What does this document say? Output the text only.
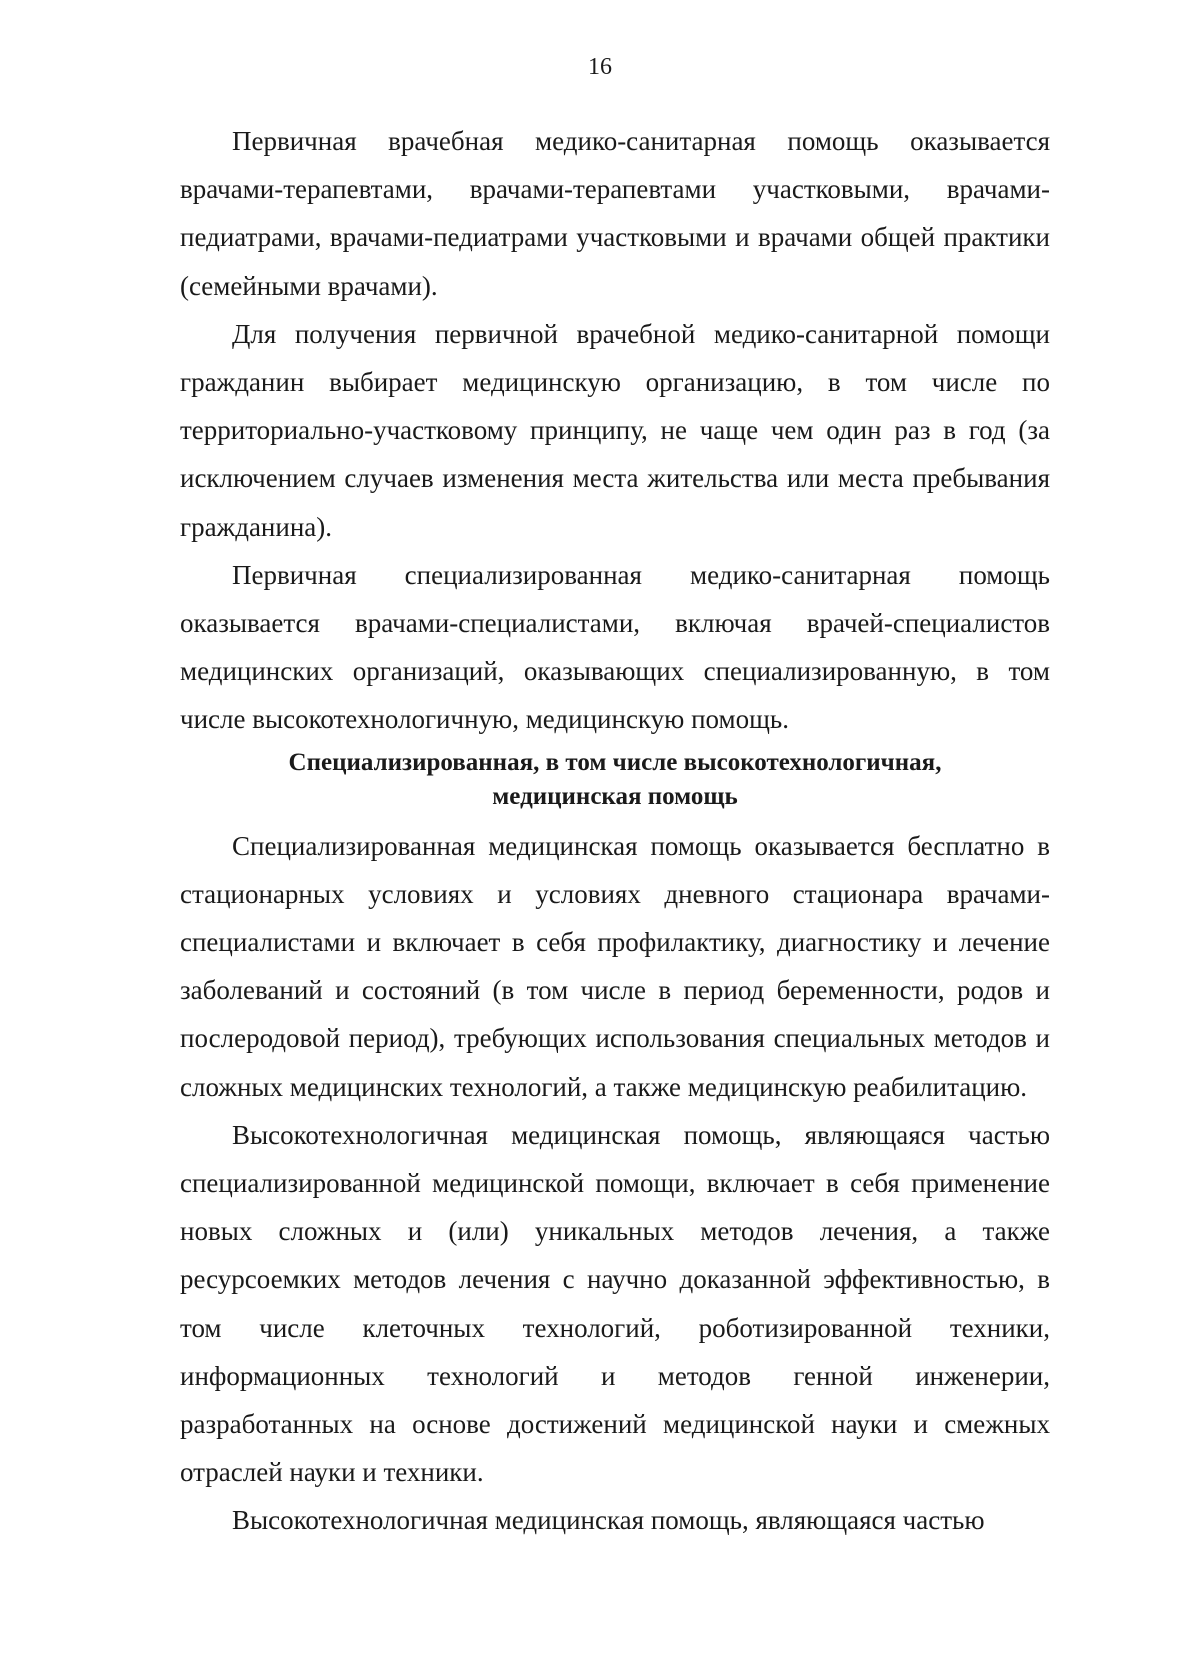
16

Первичная врачебная медико-санитарная помощь оказывается врачами-терапевтами, врачами-терапевтами участковыми, врачами-педиатрами, врачами-педиатрами участковыми и врачами общей практики (семейными врачами).

Для получения первичной врачебной медико-санитарной помощи гражданин выбирает медицинскую организацию, в том числе по территориально-участковому принципу, не чаще чем один раз в год (за исключением случаев изменения места жительства или места пребывания гражданина).

Первичная специализированная медико-санитарная помощь оказывается врачами-специалистами, включая врачей-специалистов медицинских организаций, оказывающих специализированную, в том числе высокотехнологичную, медицинскую помощь.

Специализированная, в том числе высокотехнологичная,
медицинская помощь

Специализированная медицинская помощь оказывается бесплатно в стационарных условиях и условиях дневного стационара врачами-специалистами и включает в себя профилактику, диагностику и лечение заболеваний и состояний (в том числе в период беременности, родов и послеродовой период), требующих использования специальных методов и сложных медицинских технологий, а также медицинскую реабилитацию.

Высокотехнологичная медицинская помощь, являющаяся частью специализированной медицинской помощи, включает в себя применение новых сложных и (или) уникальных методов лечения, а также ресурсоемких методов лечения с научно доказанной эффективностью, в том числе клеточных технологий, роботизированной техники, информационных технологий и методов генной инженерии, разработанных на основе достижений медицинской науки и смежных отраслей науки и техники.

Высокотехнологичная медицинская помощь, являющаяся частью
